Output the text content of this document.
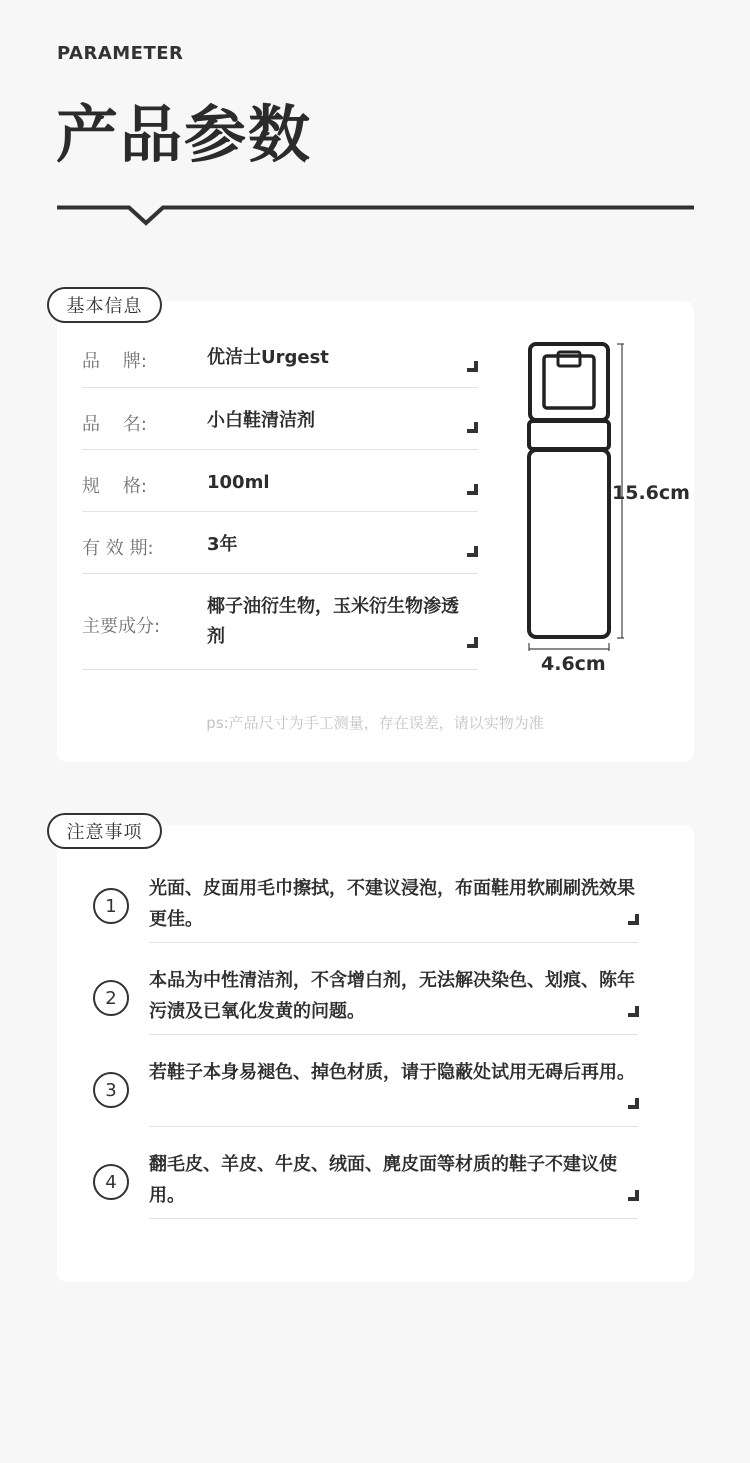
PARAMETER
产品参数
基本信息
品    牌:	优洁士Urgest
品    名:	小白鞋清洁剂
规    格:	100ml
有 效 期:	3年
主要成分:
椰子油衍生物，玉米衍生物渗透剂
15.6cm
4.6cm
ps:产品尺寸为手工测量，存在误差，请以实物为准
注意事项
1
光面、皮面用毛巾擦拭，不建议浸泡，布面鞋用软刷刷洗效果更佳。
2
本品为中性清洁剂，不含增白剂，无法解决染色、划痕、陈年污渍及已氧化发黄的问题。
3
若鞋子本身易褪色、掉色材质，请于隐蔽处试用无碍后再用。
4
翻毛皮、羊皮、牛皮、绒面、麂皮面等材质的鞋子不建议使用。
